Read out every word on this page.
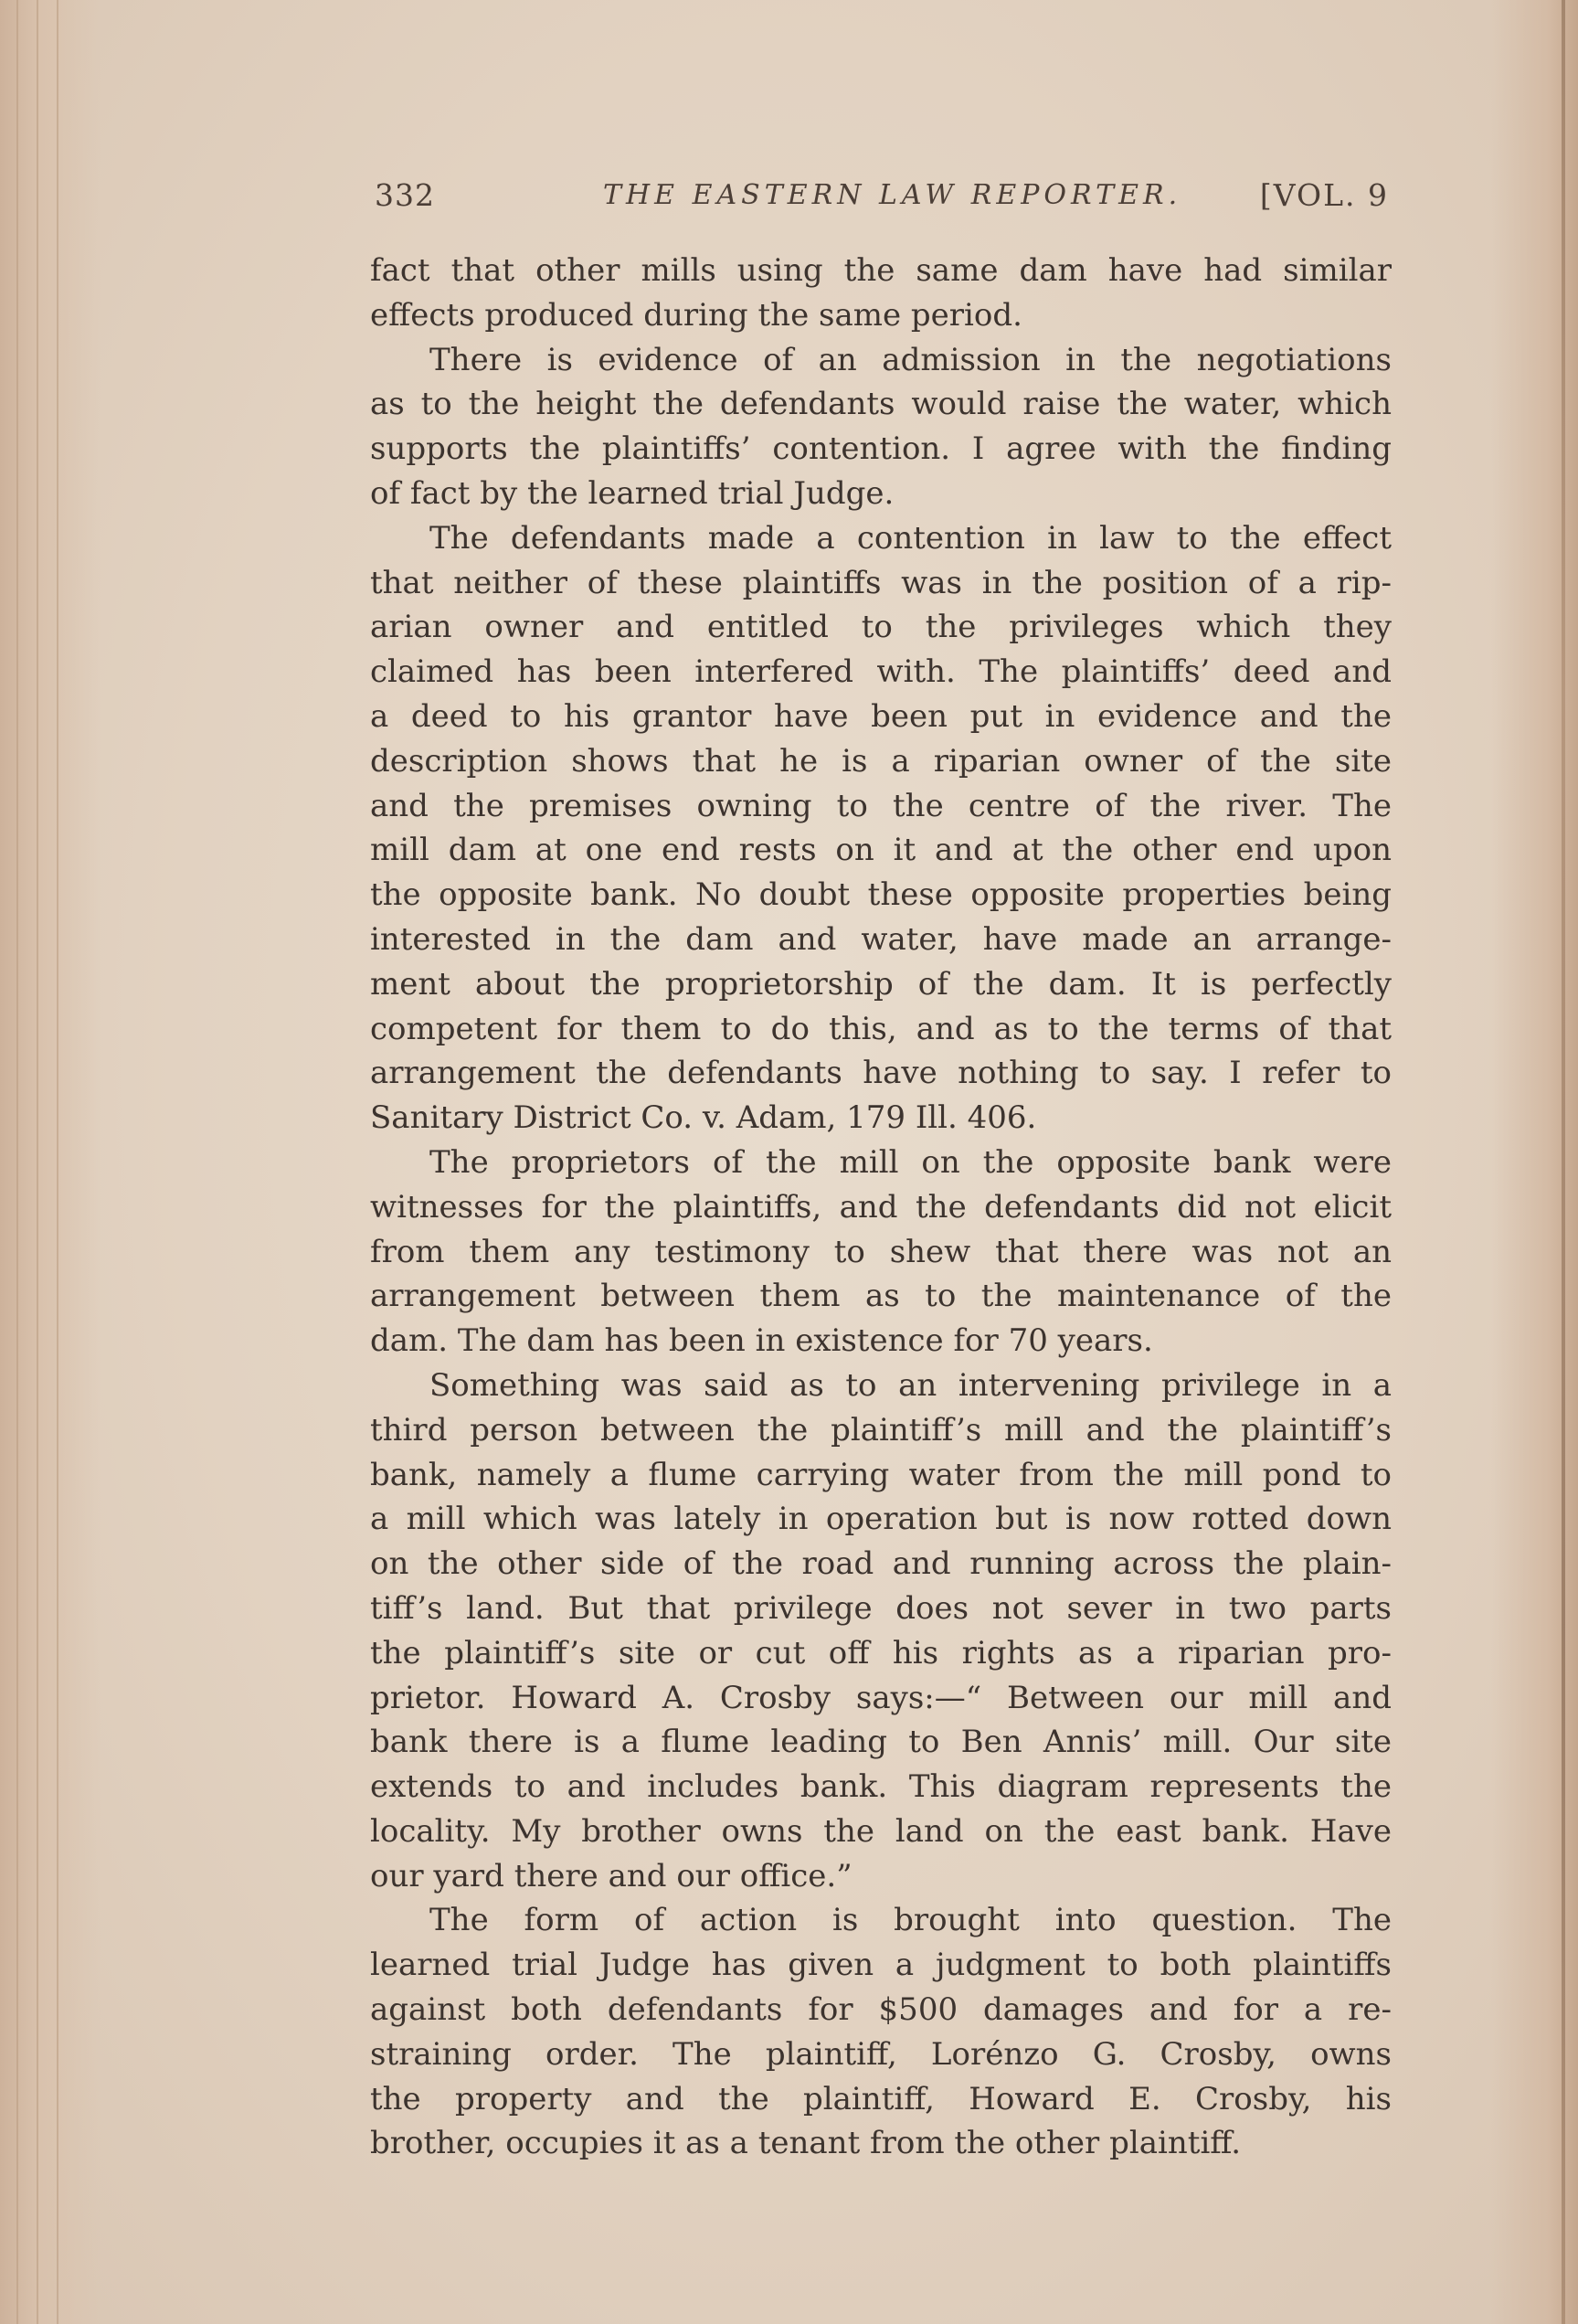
332	THE EASTERN LAW REPORTER.	[VOL. 9
fact that other mills using the same dam have had similar
effects produced during the same period.
There is evidence of an admission in the negotiations
as to the height the defendants would raise the water, which
supports the plaintiffs’ contention. I agree with the finding
of fact by the learned trial Judge.
The defendants made a contention in law to the effect
that neither of these plaintiffs was in the position of a rip-
arian owner and entitled to the privileges which they
claimed has been interfered with. The plaintiffs’ deed and
a deed to his grantor have been put in evidence and the
description shows that he is a riparian owner of the site
and the premises owning to the centre of the river. The
mill dam at one end rests on it and at the other end upon
the opposite bank. No doubt these opposite properties being
interested in the dam and water, have made an arrange-
ment about the proprietorship of the dam. It is perfectly
competent for them to do this, and as to the terms of that
arrangement the defendants have nothing to say. I refer to
Sanitary District Co. v. Adam, 179 Ill. 406.
The proprietors of the mill on the opposite bank were
witnesses for the plaintiffs, and the defendants did not elicit
from them any testimony to shew that there was not an
arrangement between them as to the maintenance of the
dam. The dam has been in existence for 70 years.
Something was said as to an intervening privilege in a
third person between the plaintiff’s mill and the plaintiff’s
bank, namely a flume carrying water from the mill pond to
a mill which was lately in operation but is now rotted down
on the other side of the road and running across the plain-
tiff’s land. But that privilege does not sever in two parts
the plaintiff’s site or cut off his rights as a riparian pro-
prietor. Howard A. Crosby says:—“ Between our mill and
bank there is a flume leading to Ben Annis’ mill. Our site
extends to and includes bank. This diagram represents the
locality. My brother owns the land on the east bank. Have
our yard there and our office.”
The form of action is brought into question. The
learned trial Judge has given a judgment to both plaintiffs
against both defendants for $500 damages and for a re-
straining order. The plaintiff, Lorénzo G. Crosby, owns
the property and the plaintiff, Howard E. Crosby, his
brother, occupies it as a tenant from the other plaintiff.
